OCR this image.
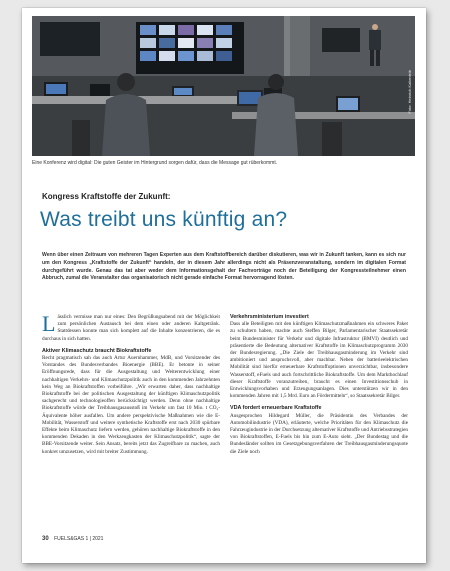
Foto: Heinrich Kaltenleib
Eine Konferenz wird digital: Die guten Geister im Hintergrund sorgen dafür, dass die Message gut rüberkommt.
Kongress Kraftstoffe der Zukunft:
Was treibt uns künftig an?
Wenn über einen Zeitraum von mehreren Tagen Experten aus dem Kraftstoffbereich darüber diskutieren, was wir in Zukunft tanken, kann es sich nur um den Kongress „Kraftstoffe der Zukunft“ handeln, der in diesem Jahr allerdings nicht als Präsenzveranstaltung, sondern im digitalen Format durchgeführt wurde. Genau das tat aber weder dem Informationsgehalt der Fachvorträge noch der Beteiligung der Kongressteilnehmer einen Abbruch, zumal die Veranstalter das organisatorisch nicht gerade einfache Format hervorragend lösten.

Lässlich vermisse man nur eines: Den Begrüßungsabend mit der Möglichkeit zum persönlichen Austausch bei dem einen oder anderen Kaltgetränk. Stattdessen konnte man sich komplett auf die Inhalte konzentrieren, die es durchaus in sich hatten.

Aktiver Klimaschutz braucht Biokraftstoffe

Recht pragmatisch sah das auch Artur Auernhammer, MdB, und Vorsitzender des Vorstandes des Bundesverbandes Bioenergie (BBE). Er betonte in seiner Eröffnungsrede, dass für die Ausgestaltung und Weiterentwicklung einer nachhaltigen Verkehrs- und Klimaschutzpolitik auch in den kommenden Jahrzehnten kein Weg an Biokraftstoffen vorbeiführe. „Wir erwarten daher, dass nachhaltige Biokraftstoffe bei der politischen Ausgestaltung der künftigen Klimaschutzpolitik sachgerecht und technologieoffen berücksichtigt werden. Denn ohne nachhaltige Biokraftstoffe würde der Treibhausgasausstoß im Verkehr um fast 10 Mio. t CO₂-Äquivalente höher ausfallen. Um andere perspektivische Maßnahmen wie die E-Mobilität, Wasserstoff und weitere synthetische Kraftstoffe erst nach 2030 spürbare Effekte beim Klimaschutz liefern werden, gehören nachhaltige Biokraftstoffe in den kommenden Dekaden in den Werkzeugkasten der Klimaschutzpolitik“, sagte der BBE-Vorsitzende weiter. Sein Ansatz, bereits jetzt das Zugreifbare zu machen, auch konkret umzusetzen, wird mit breiter Zustimmung.

Verkehrsministerium investiert

Dass alle Beteiligten mit den künftigen Klimaschutzmaßnahmen ein schweres Paket zu schultern haben, machte auch Steffen Bilger, Parlamentarischer Staatssekretär beim Bundesminister für Verkehr und digitale Infrastruktur (BMVI) deutlich und präsentierte die Bedeutung alternativer Kraftstoffe im Klimaschutzprogramm 2030 der Bundesregierung. „Die Ziele der Treibhausgasminderung im Verkehr sind ambitioniert und anspruchsvoll, aber machbar. Neben der batterieelektrischen Mobilität sind hierfür erneuerbare Kraftstoffoptionen unverzichtbar, insbesondere Wasserstoff, eFuels und auch fortschrittliche Biokraftstoffe. Um dem Markthochlauf dieser Kraftstoffe voranzutreiben, braucht es einen Investitionsschub in Entwicklungsvorhaben und Erzeugungsanlagen. Dies unterstützen wir in den kommenden Jahren mit 1,5 Mrd. Euro an Fördermitteln“, so Staatssekretär Bilger.

VDA fordert erneuerbare Kraftstoffe

Ausgesprochen Hildegard Müller, die Präsidentin des Verbandes der Automobilindustrie (VDA), erläuterte, welche Prioritäten für den Klimaschutz die Fahrzeugindustrie in der Durchsetzung alternativer Kraftstoffe und Antriebsstrategien von Biokraftstoffen, E-Fuels bis hin zum E-Auto sieht. „Der Bundestag und die Bundesländer sollten im Gesetzgebungsverfahren der Treibhausgasminderungsquote die Ziele noch

30 FUELS&GAS 1 | 2021
